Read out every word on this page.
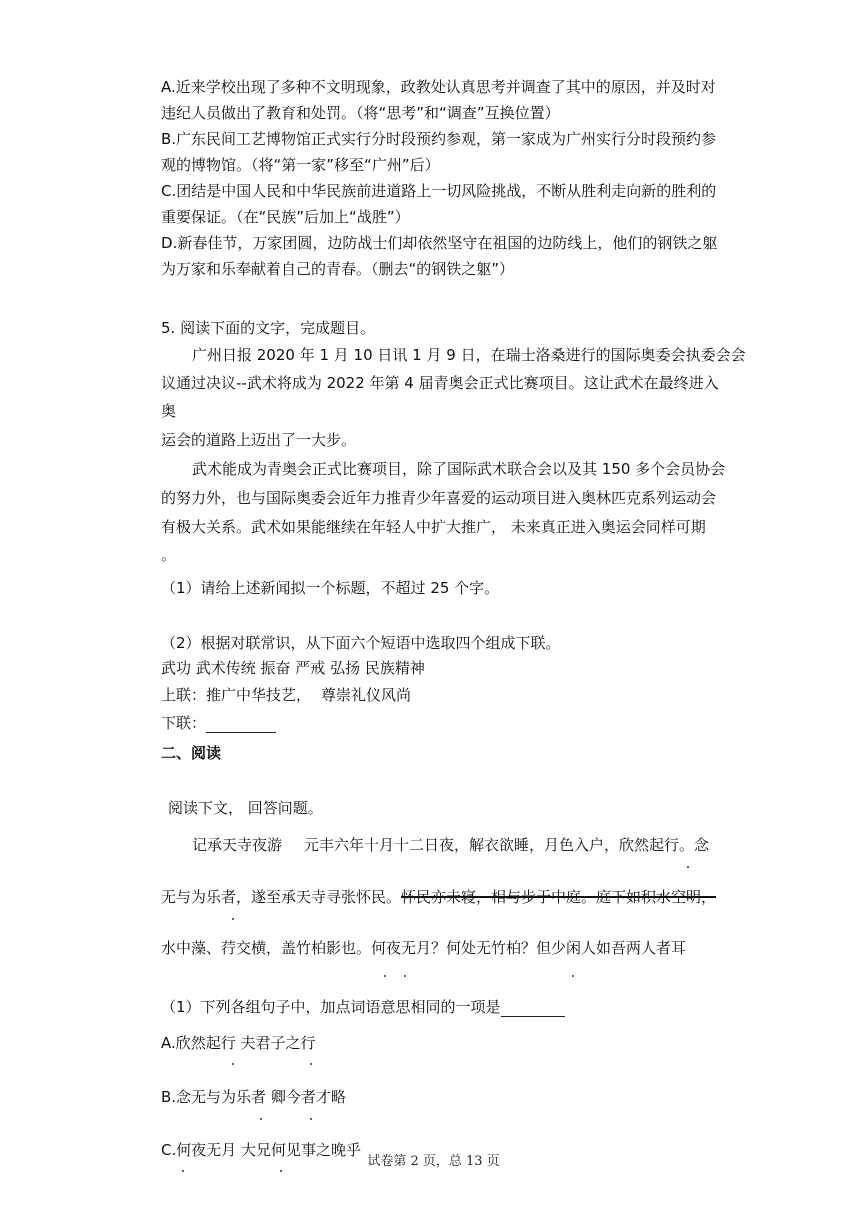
A.近来学校出现了多种不文明现象，政教处认真思考并调查了其中的原因，并及时对
违纪人员做出了教育和处罚。（将“思考”和“调查”互换位置）
B.广东民间工艺博物馆正式实行分时段预约参观，第一家成为广州实行分时段预约参
观的博物馆。（将“第一家”移至“广州”后）
C.团结是中国人民和中华民族前进道路上一切风险挑战，不断从胜利走向新的胜利的
重要保证。（在“民族”后加上“战胜”）
D.新春佳节，万家团圆，边防战士们却依然坚守在祖国的边防线上，他们的钢铁之躯
为万家和乐奉献着自己的青春。（删去“的钢铁之躯”）
5. 阅读下面的文字，完成题目。
广州日报 2020 年 1 月 10 日讯 1 月 9 日，在瑞士洛桑进行的国际奥委会执委会会
议通过决议--武术将成为 2022 年第 4 届青奥会正式比赛项目。这让武术在最终进入
奥
运会的道路上迈出了一大步。
武术能成为青奥会正式比赛项目，除了国际武术联合会以及其 150 多个会员协会
的努力外，也与国际奥委会近年力推青少年喜爱的运动项目进入奥林匹克系列运动会
有极大关系。武术如果能继续在年轻人中扩大推广， 未来真正进入奥运会同样可期
。
（1）请给上述新闻拟一个标题，不超过 25 个字。
（2）根据对联常识，从下面六个短语中选取四个组成下联。
武功 武术传统 振奋 严戒 弘扬 民族精神
上联：推广中华技艺， 尊崇礼仪风尚
下联：
二、阅读
阅读下文， 回答问题。
记承天寺夜游 元丰六年十月十二日夜，解衣欲睡，月色入户，欣然起行。念
无与为乐者，遂至承天寺寻张怀民。怀民亦未寝，相与步于中庭。庭下如积水空明，
水中藻、荇交横，盖竹柏影也。何夜无月？何处无竹柏？但少闲人如吾两人者耳
（1）下列各组句子中，加点词语意思相同的一项是
A.欣然起行 夫君子之行
B.念无与为乐者 卿今者才略
C.何夜无月 大兄何见事之晚乎
试卷第 2 页，总 13 页
